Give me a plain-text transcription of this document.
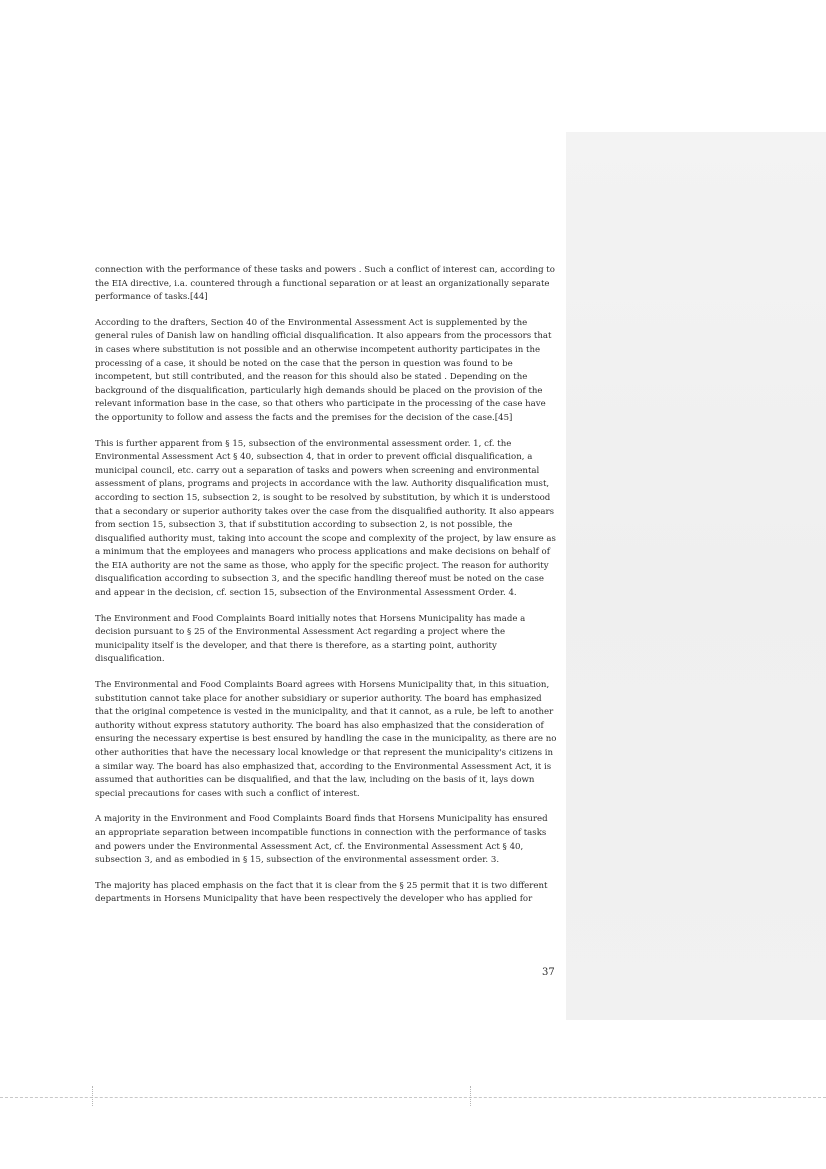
connection with the performance of these tasks and powers . Such a conflict of interest can, according to the EIA directive, i.a. countered through a functional separation or at least an organizationally separate performance of tasks.[44]

According to the drafters, Section 40 of the Environmental Assessment Act is supplemented by the general rules of Danish law on handling official disqualification. It also appears from the processors that in cases where substitution is not possible and an otherwise incompetent authority participates in the processing of a case, it should be noted on the case that the person in question was found to be incompetent, but still contributed, and the reason for this should also be stated . Depending on the background of the disqualification, particularly high demands should be placed on the provision of the relevant information base in the case, so that others who participate in the processing of the case have the opportunity to follow and assess the facts and the premises for the decision of the case.[45]

This is further apparent from § 15, subsection of the environmental assessment order. 1, cf. the Environmental Assessment Act § 40, subsection 4, that in order to prevent official disqualification, a municipal council, etc. carry out a separation of tasks and powers when screening and environmental assessment of plans, programs and projects in accordance with the law. Authority disqualification must, according to section 15, subsection 2, is sought to be resolved by substitution, by which it is understood that a secondary or superior authority takes over the case from the disqualified authority. It also appears from section 15, subsection 3, that if substitution according to subsection 2, is not possible, the disqualified authority must, taking into account the scope and complexity of the project, by law ensure as a minimum that the employees and managers who process applications and make decisions on behalf of the EIA authority are not the same as those, who apply for the specific project. The reason for authority disqualification according to subsection 3, and the specific handling thereof must be noted on the case and appear in the decision, cf. section 15, subsection of the Environmental Assessment Order. 4.

The Environment and Food Complaints Board initially notes that Horsens Municipality has made a decision pursuant to § 25 of the Environmental Assessment Act regarding a project where the municipality itself is the developer, and that there is therefore, as a starting point, authority disqualification.

The Environmental and Food Complaints Board agrees with Horsens Municipality that, in this situation, substitution cannot take place for another subsidiary or superior authority. The board has emphasized that the original competence is vested in the municipality, and that it cannot, as a rule, be left to another authority without express statutory authority. The board has also emphasized that the consideration of ensuring the necessary expertise is best ensured by handling the case in the municipality, as there are no other authorities that have the necessary local knowledge or that represent the municipality's citizens in a similar way. The board has also emphasized that, according to the Environmental Assessment Act, it is assumed that authorities can be disqualified, and that the law, including on the basis of it, lays down special precautions for cases with such a conflict of interest.

A majority in the Environment and Food Complaints Board finds that Horsens Municipality has ensured an appropriate separation between incompatible functions in connection with the performance of tasks and powers under the Environmental Assessment Act, cf. the Environmental Assessment Act § 40, subsection 3, and as embodied in § 15, subsection of the environmental assessment order. 3.

The majority has placed emphasis on the fact that it is clear from the § 25 permit that it is two different departments in Horsens Municipality that have been respectively the developer who has applied for

37
